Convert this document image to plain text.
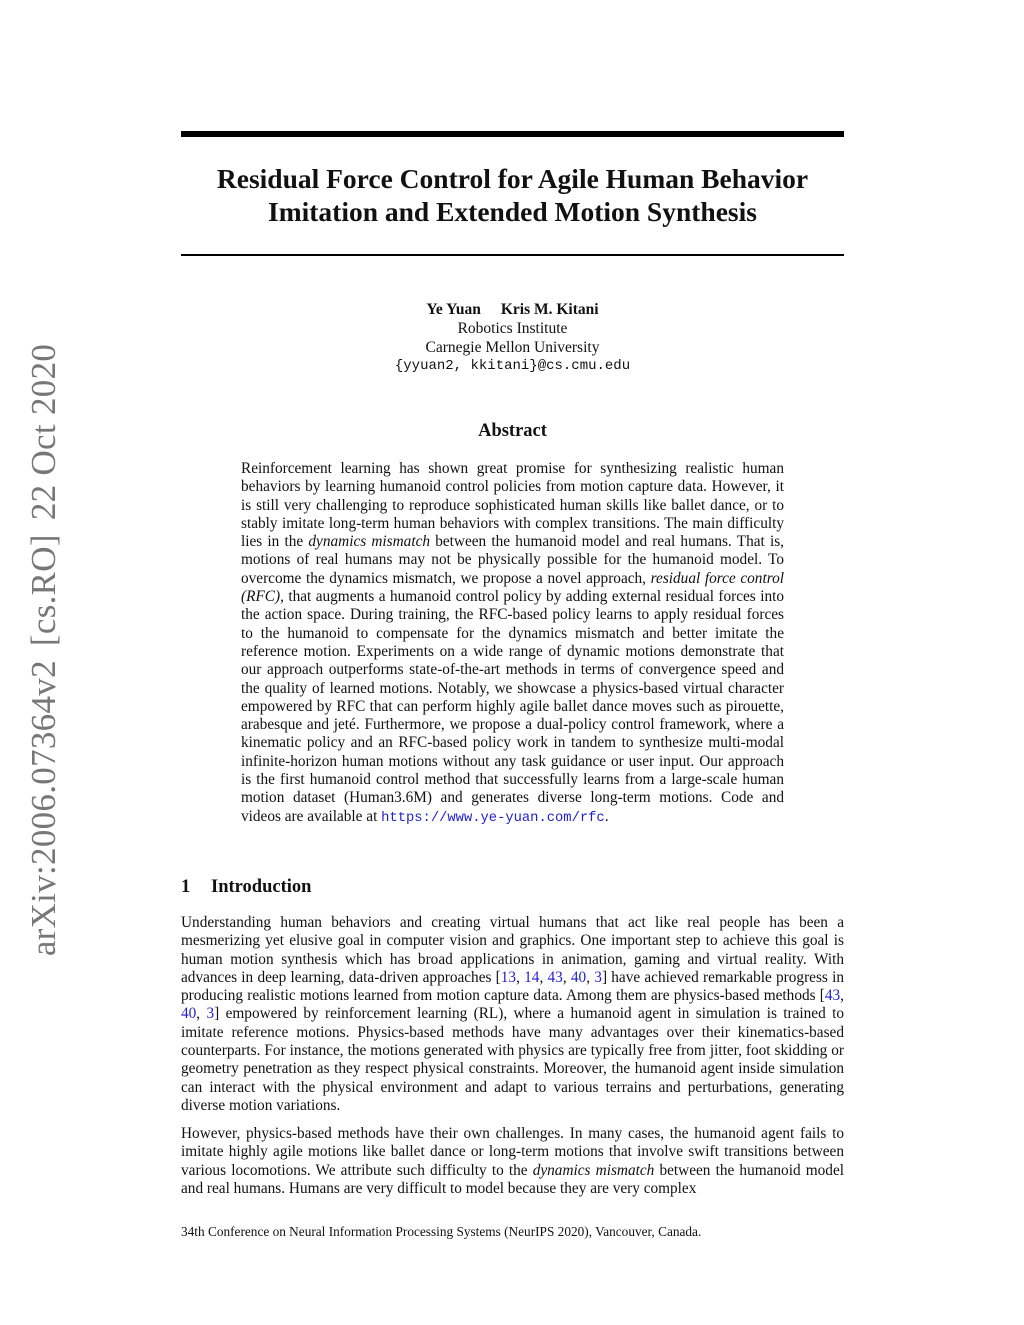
arXiv:2006.07364v2[cs.RO]22 Oct 2020
Residual Force Control for Agile Human Behavior
Imitation and Extended Motion Synthesis
Ye Yuan Kris M. Kitani
Robotics Institute
Carnegie Mellon University
{yyuan2, kkitani}@cs.cmu.edu
Abstract

Reinforcement learning has shown great promise for synthesizing realistic human behaviors by learning humanoid control policies from motion capture data. However, it is still very challenging to reproduce sophisticated human skills like ballet dance, or to stably imitate long-term human behaviors with complex transitions. The main difficulty lies in the dynamics mismatch between the humanoid model and real humans. That is, motions of real humans may not be physically possible for the humanoid model. To overcome the dynamics mismatch, we propose a novel approach, residual force control (RFC), that augments a humanoid control policy by adding external residual forces into the action space. During training, the RFC-based policy learns to apply residual forces to the humanoid to compensate for the dynamics mismatch and better imitate the reference motion. Experiments on a wide range of dynamic motions demonstrate that our approach outperforms state-of-the-art methods in terms of convergence speed and the quality of learned motions. Notably, we showcase a physics-based virtual character empowered by RFC that can perform highly agile ballet dance moves such as pirouette, arabesque and jeté. Furthermore, we propose a dual-policy control framework, where a kinematic policy and an RFC-based policy work in tandem to synthesize multi-modal infinite-horizon human motions without any task guidance or user input. Our approach is the first humanoid control method that successfully learns from a large-scale human motion dataset (Human3.6M) and generates diverse long-term motions. Code and videos are available at https://www.ye-yuan.com/rfc.

1 Introduction

Understanding human behaviors and creating virtual humans that act like real people has been a mesmerizing yet elusive goal in computer vision and graphics. One important step to achieve this goal is human motion synthesis which has broad applications in animation, gaming and virtual reality. With advances in deep learning, data-driven approaches [13, 14, 43, 40, 3] have achieved remarkable progress in producing realistic motions learned from motion capture data. Among them are physics-based methods [43, 40, 3] empowered by reinforcement learning (RL), where a humanoid agent in simulation is trained to imitate reference motions. Physics-based methods have many advantages over their kinematics-based counterparts. For instance, the motions generated with physics are typically free from jitter, foot skidding or geometry penetration as they respect physical constraints. Moreover, the humanoid agent inside simulation can interact with the physical environment and adapt to various terrains and perturbations, generating diverse motion variations.

However, physics-based methods have their own challenges. In many cases, the humanoid agent fails to imitate highly agile motions like ballet dance or long-term motions that involve swift transitions between various locomotions. We attribute such difficulty to the dynamics mismatch between the humanoid model and real humans. Humans are very difficult to model because they are very complex

34th Conference on Neural Information Processing Systems (NeurIPS 2020), Vancouver, Canada.
